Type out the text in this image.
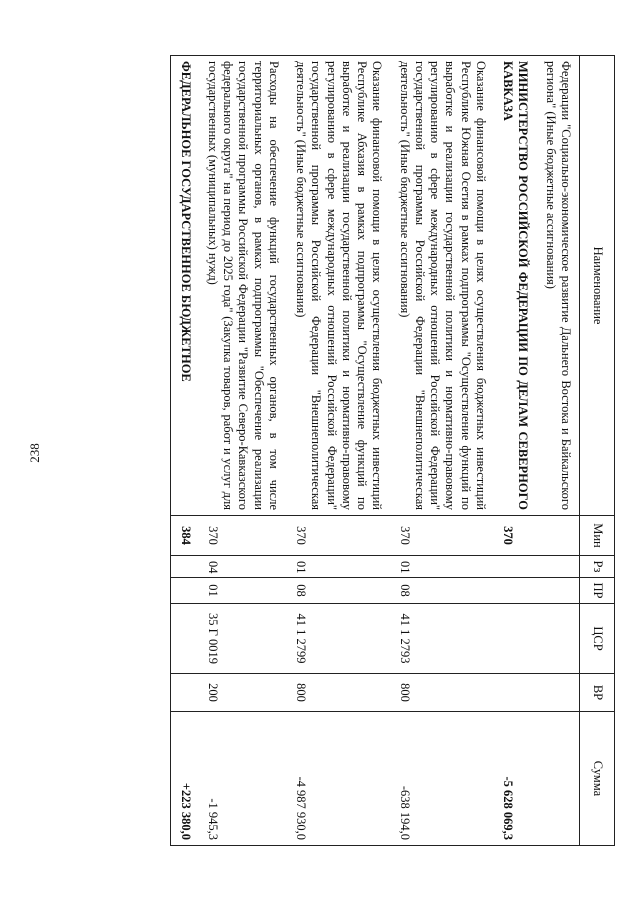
238
Наименование	Мин	Рз	ПР	ЦСР	ВР	Сумма
Федерации "Социально-экономическое развитие Дальнего Востока и Байкальского региона" (Иные бюджетные ассигнования)						
МИНИСТЕРСТВО РОССИЙСКОЙ ФЕДЕРАЦИИ ПО ДЕЛАМ СЕВЕРНОГО КАВКАЗА	370					-5 628 069,3
Оказание финансовой помощи в целях осуществления бюджетных инвестиций Республике Южная Осетия в рамках подпрограммы "Осуществление функций по выработке и реализации государственной политики и нормативно-правовому регулированию в сфере международных отношений Российской Федерации" государственной программы Российской Федерации "Внешнеполитическая деятельность" (Иные бюджетные ассигнования)	370	01	08	41 1 2793	800	-638 194,0
Оказание финансовой помощи в целях осуществления бюджетных инвестиций Республике Абхазия в рамках подпрограммы "Осуществление функций по выработке и реализации государственной политики и нормативно-правовому регулированию в сфере международных отношений Российской Федерации" государственной программы Российской Федерации "Внешнеполитическая деятельность" (Иные бюджетные ассигнования)	370	01	08	41 1 2799	800	-4 987 930,0
Расходы на обеспечение функций государственных органов, в том числе территориальных органов, в рамках подпрограммы "Обеспечение реализации государственной программы Российской Федерации "Развитие Северо-Кавказского федерального округа" на период до 2025 года" (Закупка товаров, работ и услуг для государственных (муниципальных) нужд)	370	04	01	35 Г 0019	200	-1 945,3
ФЕДЕРАЛЬНОЕ ГОСУДАРСТВЕННОЕ БЮДЖЕТНОЕ	384					+223 380,0
